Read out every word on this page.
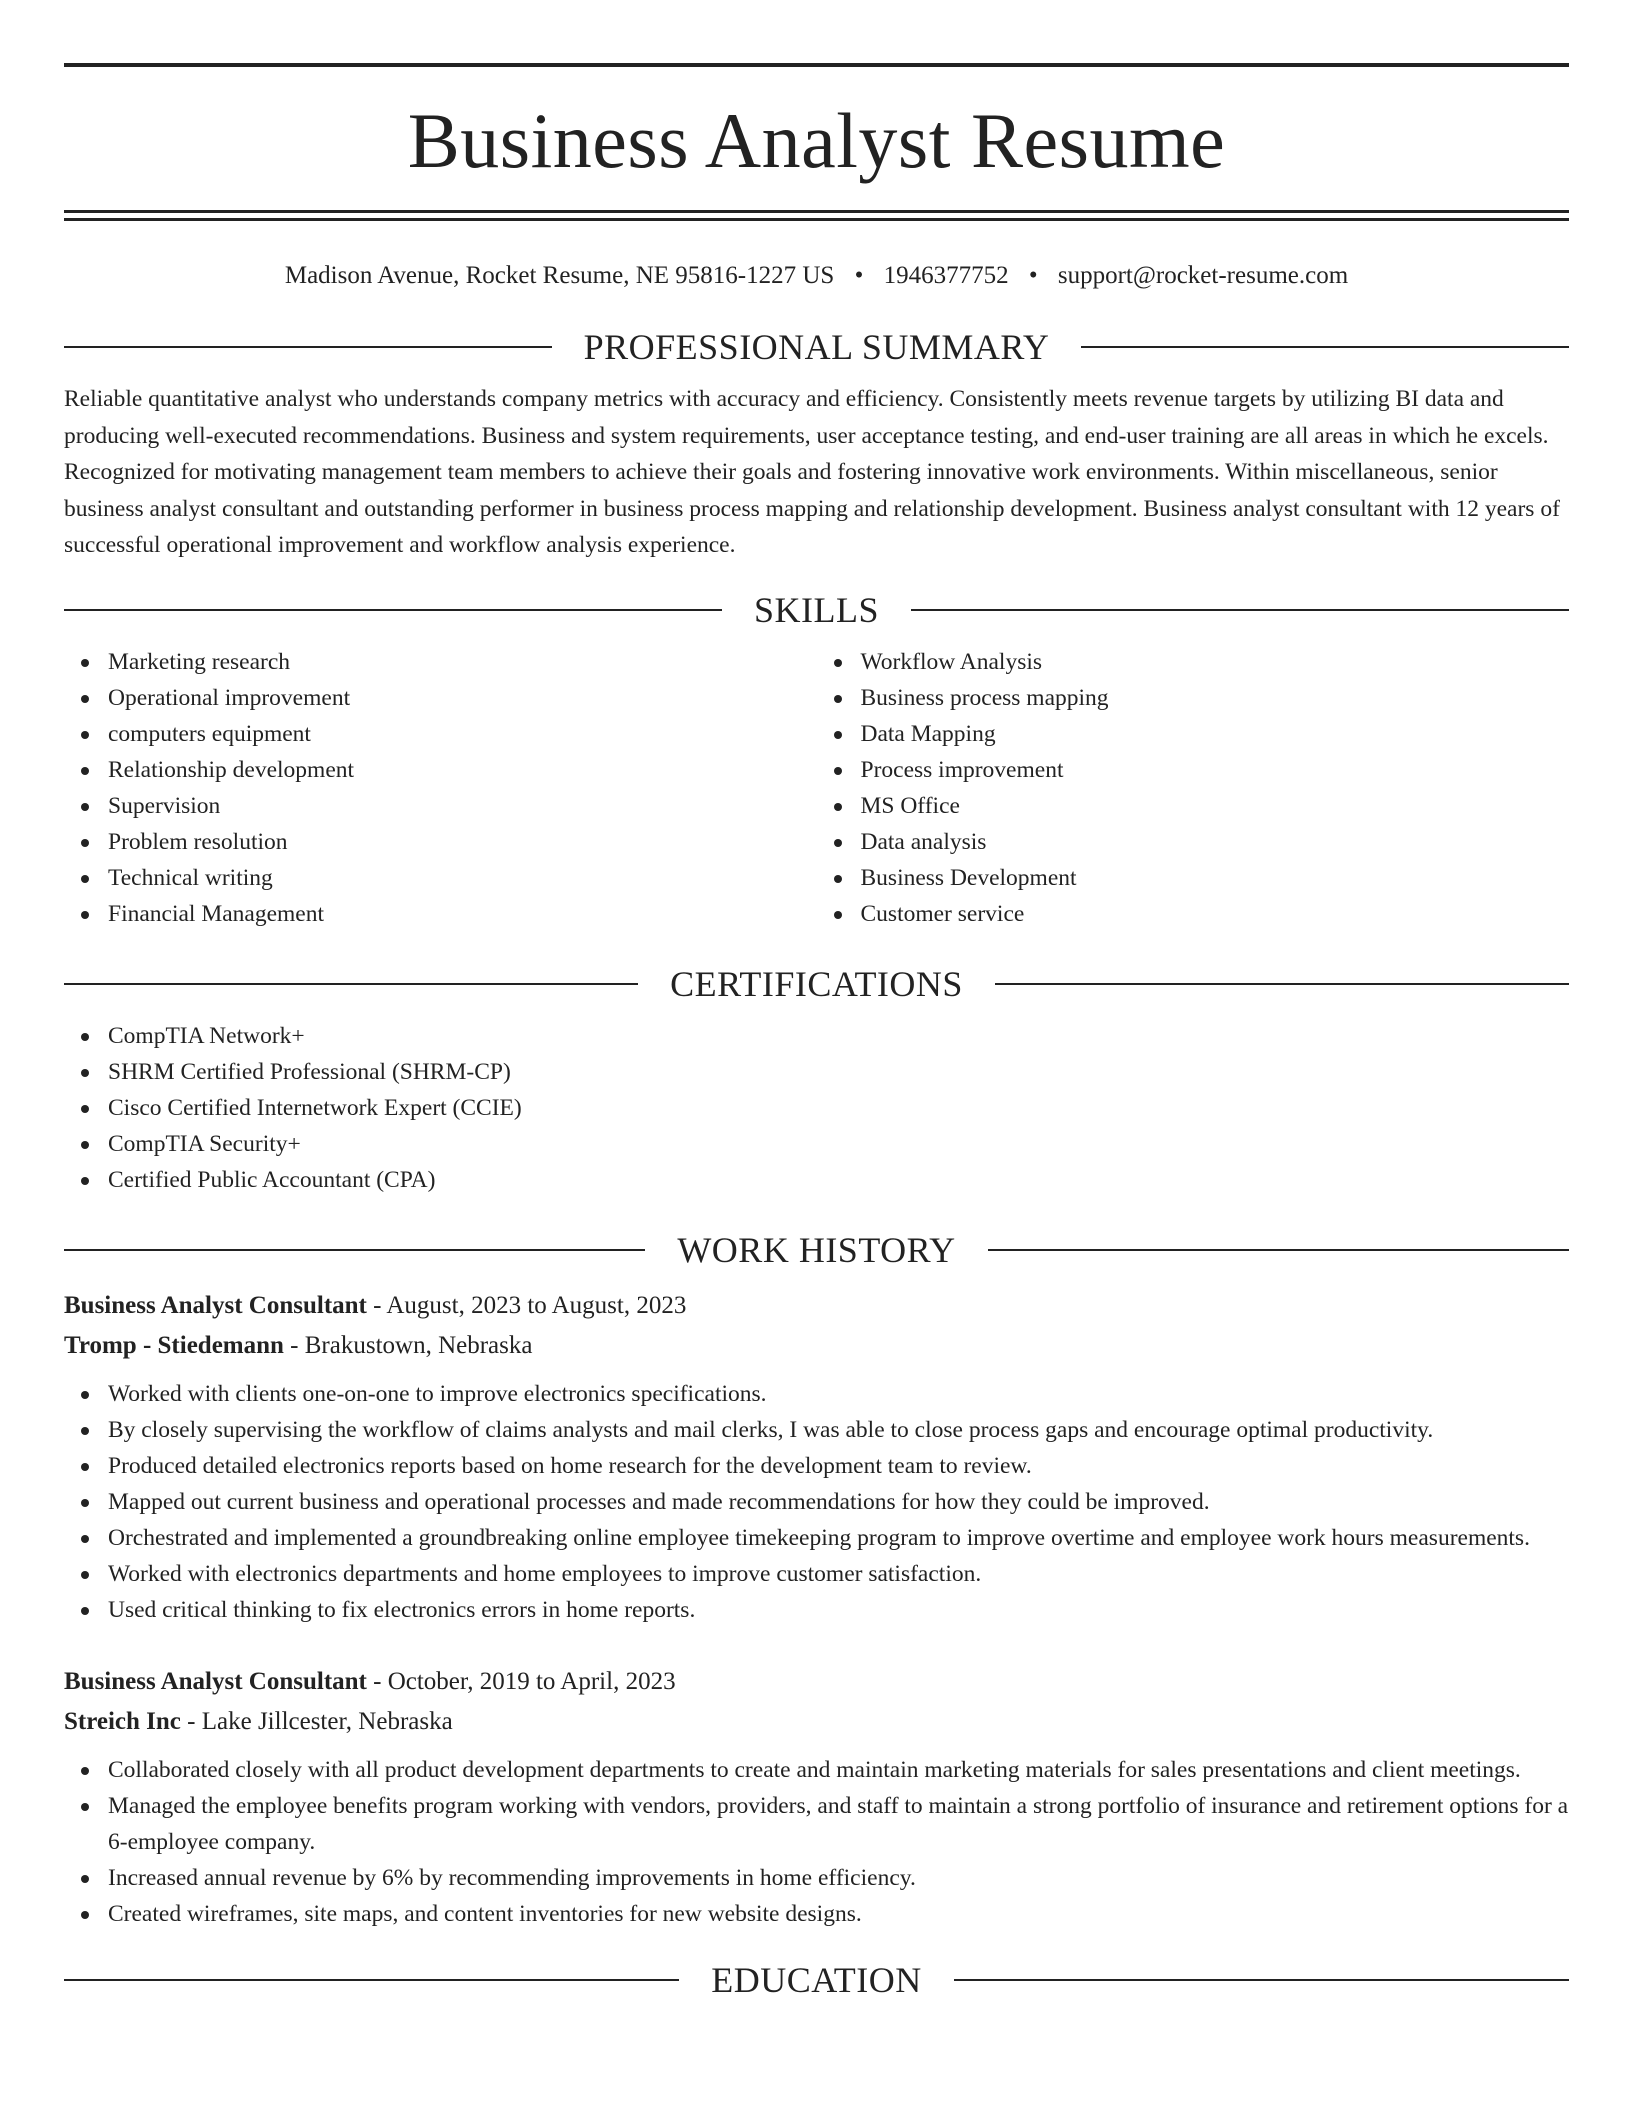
Business Analyst Resume
Madison Avenue, Rocket Resume, NE 95816-1227 US • 1946377752 • support@rocket-resume.com
PROFESSIONAL SUMMARY
Reliable quantitative analyst who understands company metrics with accuracy and efficiency. Consistently meets revenue targets by utilizing BI data and producing well-executed recommendations. Business and system requirements, user acceptance testing, and end-user training are all areas in which he excels. Recognized for motivating management team members to achieve their goals and fostering innovative work environments. Within miscellaneous, senior business analyst consultant and outstanding performer in business process mapping and relationship development. Business analyst consultant with 12 years of successful operational improvement and workflow analysis experience.
SKILLS
Marketing research
Operational improvement
computers equipment
Relationship development
Supervision
Problem resolution
Technical writing
Financial Management
Workflow Analysis
Business process mapping
Data Mapping
Process improvement
MS Office
Data analysis
Business Development
Customer service
CERTIFICATIONS
CompTIA Network+
SHRM Certified Professional (SHRM-CP)
Cisco Certified Internetwork Expert (CCIE)
CompTIA Security+
Certified Public Accountant (CPA)
WORK HISTORY
Business Analyst Consultant - August, 2023 to August, 2023
Tromp - Stiedemann - Brakustown, Nebraska
Worked with clients one-on-one to improve electronics specifications.
By closely supervising the workflow of claims analysts and mail clerks, I was able to close process gaps and encourage optimal productivity.
Produced detailed electronics reports based on home research for the development team to review.
Mapped out current business and operational processes and made recommendations for how they could be improved.
Orchestrated and implemented a groundbreaking online employee timekeeping program to improve overtime and employee work hours measurements.
Worked with electronics departments and home employees to improve customer satisfaction.
Used critical thinking to fix electronics errors in home reports.
Business Analyst Consultant - October, 2019 to April, 2023
Streich Inc - Lake Jillcester, Nebraska
Collaborated closely with all product development departments to create and maintain marketing materials for sales presentations and client meetings.
Managed the employee benefits program working with vendors, providers, and staff to maintain a strong portfolio of insurance and retirement options for a 6-employee company.
Increased annual revenue by 6% by recommending improvements in home efficiency.
Created wireframes, site maps, and content inventories for new website designs.
EDUCATION
